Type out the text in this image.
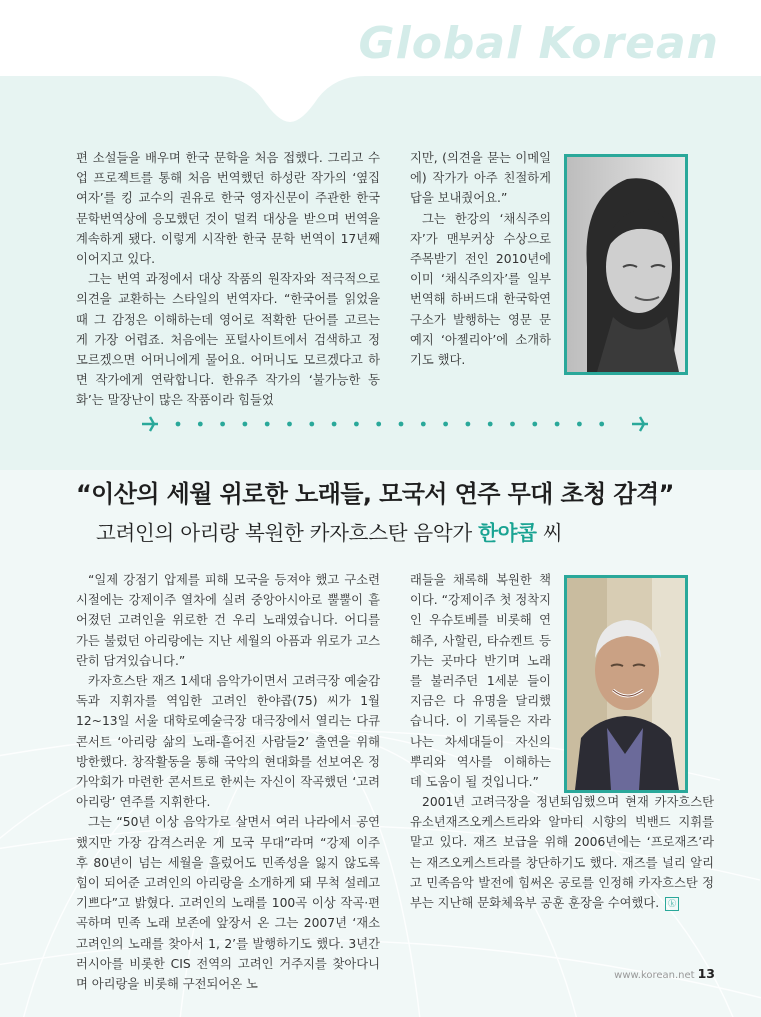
Global Korean

편 소설들을 배우며 한국 문학을 처음 접했다. 그리고 수업 프로젝트를 통해 처음 번역했던 하성란 작가의 ‘옆집 여자’를 킹 교수의 권유로 한국 영자신문이 주관한 한국문학번역상에 응모했던 것이 덜컥 대상을 받으며 번역을 계속하게 됐다. 이렇게 시작한 한국 문학 번역이 17년째 이어지고 있다.

그는 번역 과정에서 대상 작품의 원작자와 적극적으로 의견을 교환하는 스타일의 번역자다. “한국어를 읽었을 때 그 감정은 이해하는데 영어로 적확한 단어를 고르는 게 가장 어렵죠. 처음에는 포털사이트에서 검색하고 정 모르겠으면 어머니에게 물어요. 어머니도 모르겠다고 하면 작가에게 연락합니다. 한유주 작가의 ‘불가능한 동화’는 말장난이 많은 작품이라 힘들었

지만, (의견을 묻는 이메일에) 작가가 아주 친절하게 답을 보내줬어요.”

그는 한강의 ‘채식주의자’가 맨부커상 수상으로 주목받기 전인 2010년에 이미 ‘채식주의자’를 일부 번역해 하버드대 한국학연구소가 발행하는 영문 문예지 ‘아젤리아’에 소개하기도 했다.

“이산의 세월 위로한 노래들, 모국서 연주 무대 초청 감격”
고려인의 아리랑 복원한 카자흐스탄 음악가 한야콥 씨

“일제 강점기 압제를 피해 모국을 등져야 했고 구소련 시절에는 강제이주 열차에 실려 중앙아시아로 뿔뿔이 흩어졌던 고려인을 위로한 건 우리 노래였습니다. 어디를 가든 불렀던 아리랑에는 지난 세월의 아픔과 위로가 고스란히 담겨있습니다.”

카자흐스탄 재즈 1세대 음악가이면서 고려극장 예술감독과 지휘자를 역임한 고려인 한야콥(75) 씨가 1월 12~13일 서울 대학로예술극장 대극장에서 열리는 다큐 콘서트 ‘아리랑 삶의 노래-흩어진 사람들2’ 출연을 위해 방한했다. 창작활동을 통해 국악의 현대화를 선보여온 정가악회가 마련한 콘서트로 한씨는 자신이 작곡했던 ‘고려아리랑’ 연주를 지휘한다.

그는 “50년 이상 음악가로 살면서 여러 나라에서 공연했지만 가장 감격스러운 게 모국 무대”라며 “강제 이주 후 80년이 넘는 세월을 흘렀어도 민족성을 잃지 않도록 힘이 되어준 고려인의 아리랑을 소개하게 돼 무척 설레고 기쁘다”고 밝혔다. 고려인의 노래를 100곡 이상 작곡·편곡하며 민족 노래 보존에 앞장서 온 그는 2007년 ‘재소고려인의 노래를 찾아서 1, 2’를 발행하기도 했다. 3년간 러시아를 비롯한 CIS 전역의 고려인 거주지를 찾아다니며 아리랑을 비롯해 구전되어온 노

래들을 채록해 복원한 책이다. “강제이주 첫 정착지인 우슈토베를 비롯해 연해주, 사할린, 타슈켄트 등 가는 곳마다 반기며 노래를 불러주던 1세분 들이 지금은 다 유명을 달리했습니다. 이 기록들은 자라나는 차세대들이 자신의 뿌리와 역사를 이해하는 데 도움이 될 것입니다.”

2001년 고려극장을 정년퇴임했으며 현재 카자흐스탄 유소년재즈오케스트라와 알마티 시향의 빅밴드 지휘를 맡고 있다. 재즈 보급을 위해 2006년에는 ‘프로재즈’라는 재즈오케스트라를 창단하기도 했다. 재즈를 널리 알리고 민족음악 발전에 힘써온 공로를 인정해 카자흐스탄 정부는 지난해 문화체육부 공훈 훈장을 수여했다. ⓚ

www.korean.net 13
